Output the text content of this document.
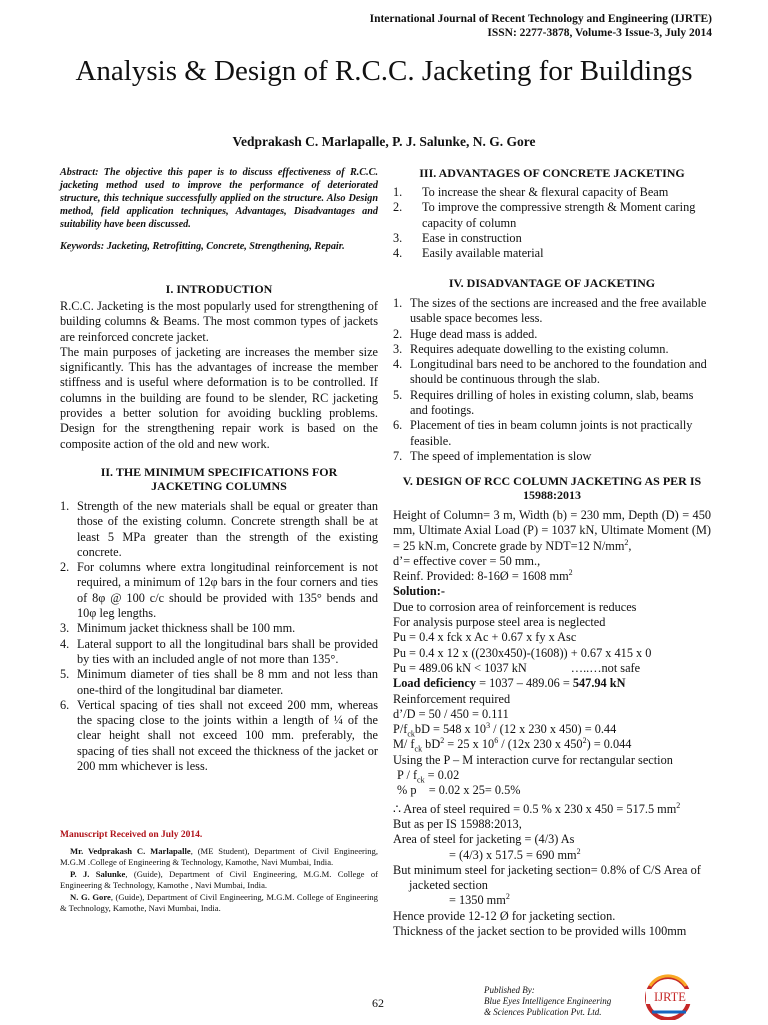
International Journal of Recent Technology and Engineering (IJRTE)
ISSN: 2277-3878, Volume-3 Issue-3, July 2014
Analysis & Design of R.C.C. Jacketing for Buildings
Vedprakash C. Marlapalle, P. J. Salunke, N. G. Gore
Abstract: The objective this paper is to discuss effectiveness of R.C.C. jacketing method used to improve the performance of deteriorated structure, this technique successfully applied on the structure. Also Design method, field application techniques, Advantages, Disadvantages and suitability have been discussed.
Keywords: Jacketing, Retrofitting, Concrete, Strengthening, Repair.
I. INTRODUCTION
R.C.C. Jacketing is the most popularly used for strengthening of building columns & Beams. The most common types of jackets are reinforced concrete jacket.
The main purposes of jacketing are increases the member size significantly. This has the advantages of increase the member stiffness and is useful where deformation is to be controlled. If columns in the building are found to be slender, RC jacketing provides a better solution for avoiding buckling problems. Design for the strengthening repair work is based on the composite action of the old and new work.
II. THE MINIMUM SPECIFICATIONS FOR JACKETING COLUMNS
1. Strength of the new materials shall be equal or greater than those of the existing column. Concrete strength shall be at least 5 MPa greater than the strength of the existing concrete.
2. For columns where extra longitudinal reinforcement is not required, a minimum of 12φ bars in the four corners and ties of 8φ @ 100 c/c should be provided with 135° bends and 10φ leg lengths.
3. Minimum jacket thickness shall be 100 mm.
4. Lateral support to all the longitudinal bars shall be provided by ties with an included angle of not more than 135°.
5. Minimum diameter of ties shall be 8 mm and not less than one-third of the longitudinal bar diameter.
6. Vertical spacing of ties shall not exceed 200 mm, whereas the spacing close to the joints within a length of ¼ of the clear height shall not exceed 100 mm. preferably, the spacing of ties shall not exceed the thickness of the jacket or 200 mm whichever is less.
Manuscript Received on July 2014.

Mr. Vedprakash C. Marlapalle, (ME Student), Department of Civil Engineering, M.G.M .College of Engineering & Technology, Kamothe, Navi Mumbai, India.

P. J. Salunke, (Guide), Department of Civil Engineering, M.G.M. College of Engineering & Technology, Kamothe , Navi Mumbai, India.

N. G. Gore, (Guide), Department of Civil Engineering, M.G.M. College of Engineering & Technology, Kamothe, Navi Mumbai, India.

III. ADVANTAGES OF CONCRETE JACKETING
1. To increase the shear & flexural capacity of Beam
2. To improve the compressive strength & Moment caring capacity of column
3. Ease in construction
4. Easily available material
IV. DISADVANTAGE OF JACKETING
1. The sizes of the sections are increased and the free available usable space becomes less.
2. Huge dead mass is added.
3. Requires adequate dowelling to the existing column.
4. Longitudinal bars need to be anchored to the foundation and should be continuous through the slab.
5. Requires drilling of holes in existing column, slab, beams and footings.
6. Placement of ties in beam column joints is not practically feasible.
7. The speed of implementation is slow
V. DESIGN OF RCC COLUMN JACKETING AS PER IS 15988:2013

Height of Column= 3 m, Width (b) = 230 mm, Depth (D) = 450 mm, Ultimate Axial Load (P) = 1037 kN, Ultimate Moment (M) = 25 kN.m, Concrete grade by NDT=12 $N/mm^2$,

d’= effective cover = 50 mm.,

Reinf. Provided: 8-16Ø = 1608 $mm^2$

Solution:-

Due to corrosion area of reinforcement is reduces

For analysis purpose steel area is neglected

Pu = 0.4 x fck x Ac + 0.67 x fy x Asc

Pu = 0.4 x 12 x ((230x450)-(1608)) + 0.67 x 415 x 0

Pu = 489.06 kN < 1037 kN	…..…not safe

Load deficiency = 1037 – 489.06 = 547.94 kN

Reinforcement required

d’/D = 50 / 450 = 0.111

$P/f_{ck}bD = 548$ x $10^3 / (12$ x 230 x 450) = 0.44

M/ $f_{ck}$ $bD^2 = 25$ x $10^6 / (12x$ 230 x $450^2) = 0.044$

Using the P – M interaction curve for rectangular section

$P / f_{ck} = 0.02$

% p    = 0.02 x 25= 0.5%

∴ Area of steel required = 0.5 % x 230 x 450 = 517.5 $mm^2$

But as per IS 15988:2013,

Area of steel for jacketing = (4/3) As

= (4/3) x 517.5 = 690 $mm^2$

But minimum steel for jacketing section= 0.8% of C/S Area of

jacketed section

= 1350 $mm^2$

Hence provide 12-12 Ø for jacketing section.

Thickness of the jacket section to be provided wills 100mm

62
Published By:
Blue Eyes Intelligence Engineering
& Sciences Publication Pvt. Ltd.
IJRTE
